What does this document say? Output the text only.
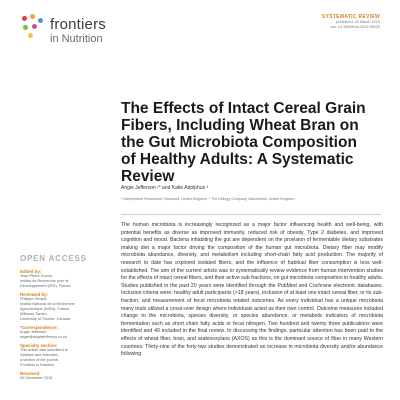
frontiers
in Nutrition
SYSTEMATIC REVIEW
published: 20 March 2019
doi: 10.3389/fnut.2019.00033
The Effects of Intact Cereal Grain Fibers, Including Wheat Bran on the Gut Microbiota Composition of Healthy Adults: A Systematic Review
Angie Jefferson ¹* and Katie Adolphus ²
¹ Independent Researcher, Bracknell, United Kingdom, ² The Kellogg Company, Manchester, United Kingdom
The human microbiota is increasingly recognized as a major factor influencing health and well-being, with potential benefits as diverse as improved immunity, reduced risk of obesity, Type 2 diabetes, and improved cognition and mood. Bacteria inhabiting the gut are dependent on the provision of fermentable dietary substrates making diet a major factor driving the composition of the human gut microbiota. Dietary fiber may modify microbiota abundance, diversity, and metabolism including short-chain fatty acid production. The majority of research to date has explored isolated fibers, and the influence of habitual fiber consumption is less well-established. The aim of the current article was to systematically review evidence from human intervention studies for the effects of intact cereal fibers, and their active sub-fractions, on gut microbiota composition in healthy adults. Studies published in the past 20 years were identified through the PubMed and Cochrane electronic databases. Inclusion criteria were: healthy adult participants (>18 years), inclusion of at least one intact cereal fiber, or its sub-fraction, and measurement of fecal microbiota related outcomes. As every individual has a unique microbiota many trials utilized a cross-over design where individuals acted as their own control. Outcome measures included change to the microbiota, species diversity, or species abundance, or metabolic indicators of microbiota fermentation such as short chain fatty acids or fecal nitrogen. Two hundred and twenty three publications were identified and 40 included in the final review. In discussing the findings, particular attention has been paid to the effects of wheat fiber, bran, and arabinoxylans (AXOS) as this is the dominant source of fiber in many Western countries. Thirty-nine of the forty-two studies demonstrated an increase in microbiota diversity and/or abundance following
OPEN ACCESS
Edited by:
Jean-Pierre Guzon,
Institut de Recherche pour le
Développement (IRD), France
Reviewed by:
Philippe Gérard,
Institut National de la Recherche
Agronomique (INRA), France
Williams Tarolm,
University of Toronto, Canada
*Correspondence:
Angie Jefferson
angie@angiejefferson.co.uk
Specialty section:
This article was submitted to
Nutrition and Microbes,
a section of the journal
Frontiers in Nutrition
Received:
05 December 2018
